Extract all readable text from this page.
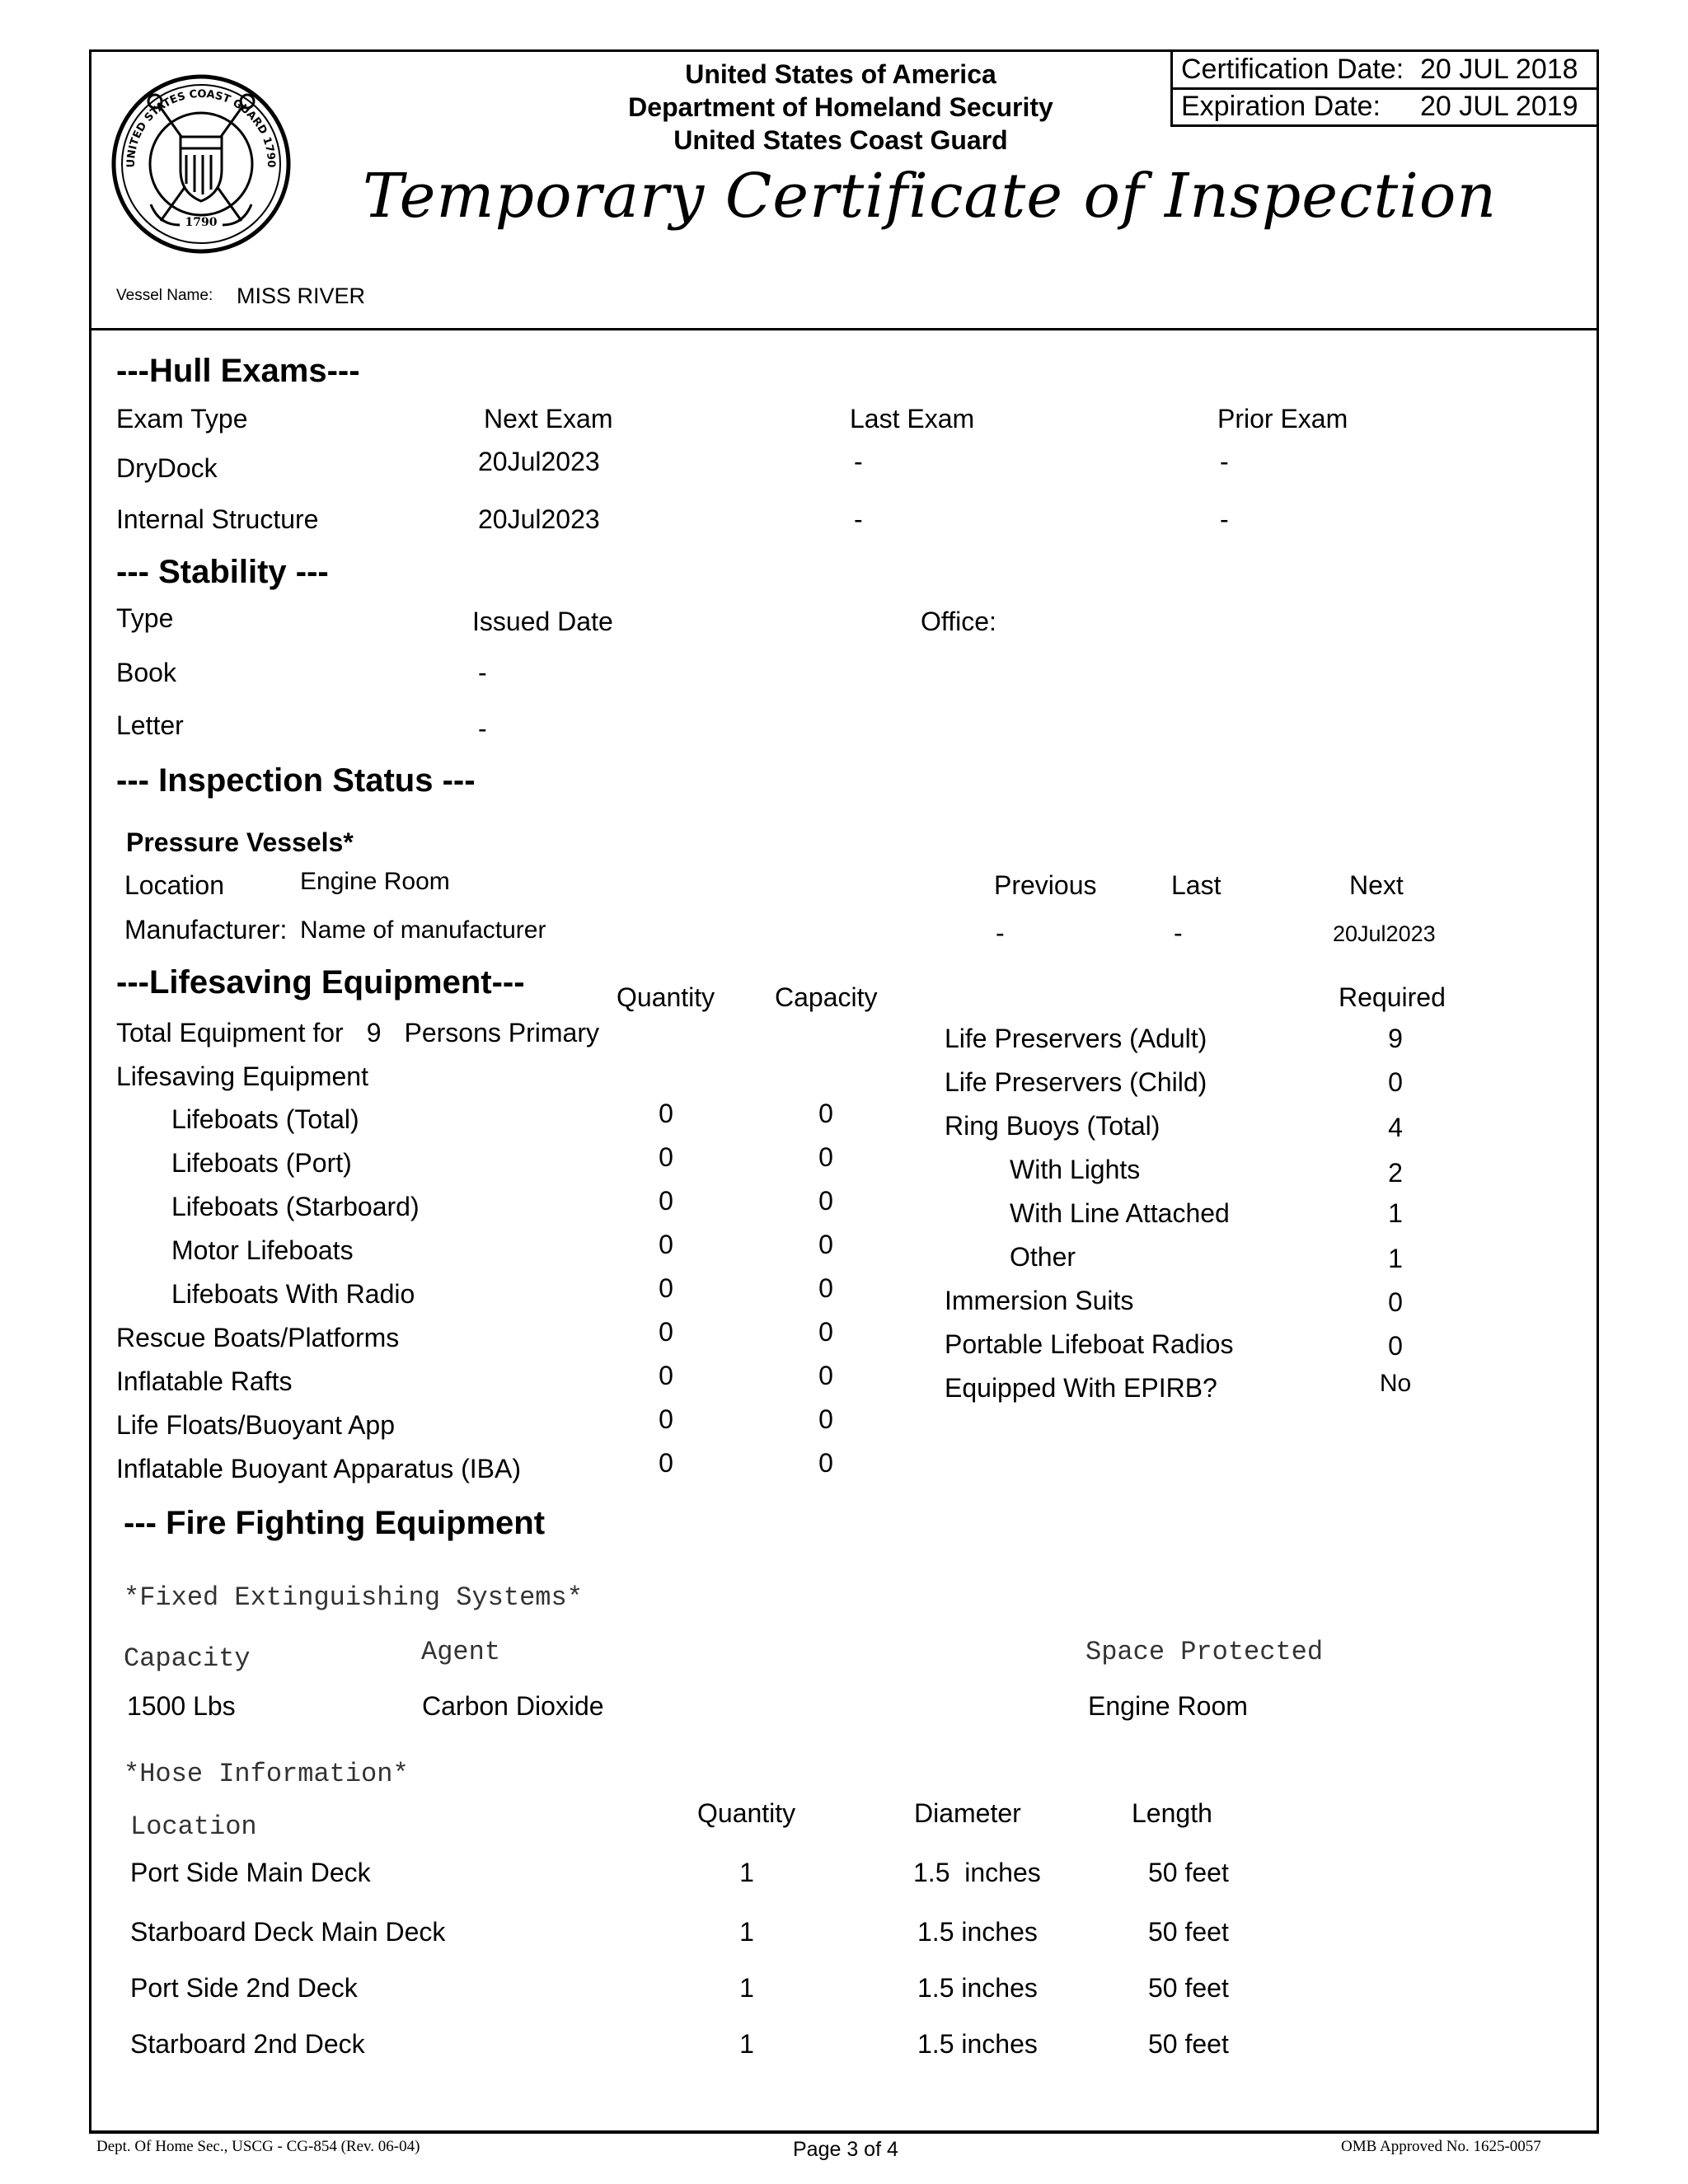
1790
UNITED STATES COAST GUARD 1790
United States of America
Department of Homeland Security
United States Coast Guard
Certification Date: 20 JUL 2018
Expiration Date: 20 JUL 2019
Temporary Certificate of Inspection
Vessel Name: MISS RIVER
---Hull Exams---
Exam Type	Next Exam	Last Exam	Prior Exam
DryDock	20Jul2023	-	-
Internal Structure	20Jul2023	-	-
--- Stability ---
Type	Issued Date	Office:
Book	-
Letter	-
--- Inspection Status ---
Pressure Vessels*
Location	Engine Room	Previous	Last	Next
Manufacturer: Name of manufacturer	-	-	20Jul2023
---Lifesaving Equipment---	Quantity Capacity	Required
Total Equipment for 9 Persons Primary
Lifesaving Equipment
Lifeboats (Total)	0	0
Lifeboats (Port)	0	0
Lifeboats (Starboard)	0	0
Motor Lifeboats	0	0
Lifeboats With Radio	0	0
Rescue Boats/Platforms	0	0
Inflatable Rafts	0	0
Life Floats/Buoyant App	0	0
Inflatable Buoyant Apparatus (IBA)	0	0
Life Preservers (Adult)	9
Life Preservers (Child)	0
Ring Buoys (Total)	4
With Lights	2
With Line Attached	1
Other	1
Immersion Suits	0
Portable Lifeboat Radios	0
Equipped With EPIRB?	No
--- Fire Fighting Equipment
*Fixed Extinguishing Systems*
Capacity	Agent	Space Protected
1500 Lbs	Carbon Dioxide	Engine Room
*Hose Information*
Location	Quantity	Diameter	Length
Port Side Main Deck	1	1.5  inches	50 feet
Starboard Deck Main Deck	1	1.5 inches	50 feet
Port Side 2nd Deck	1	1.5 inches	50 feet
Starboard 2nd Deck	1	1.5 inches	50 feet
Dept. Of Home Sec., USCG - CG-854 (Rev. 06-04)	Page 3 of 4	OMB Approved No. 1625-0057
